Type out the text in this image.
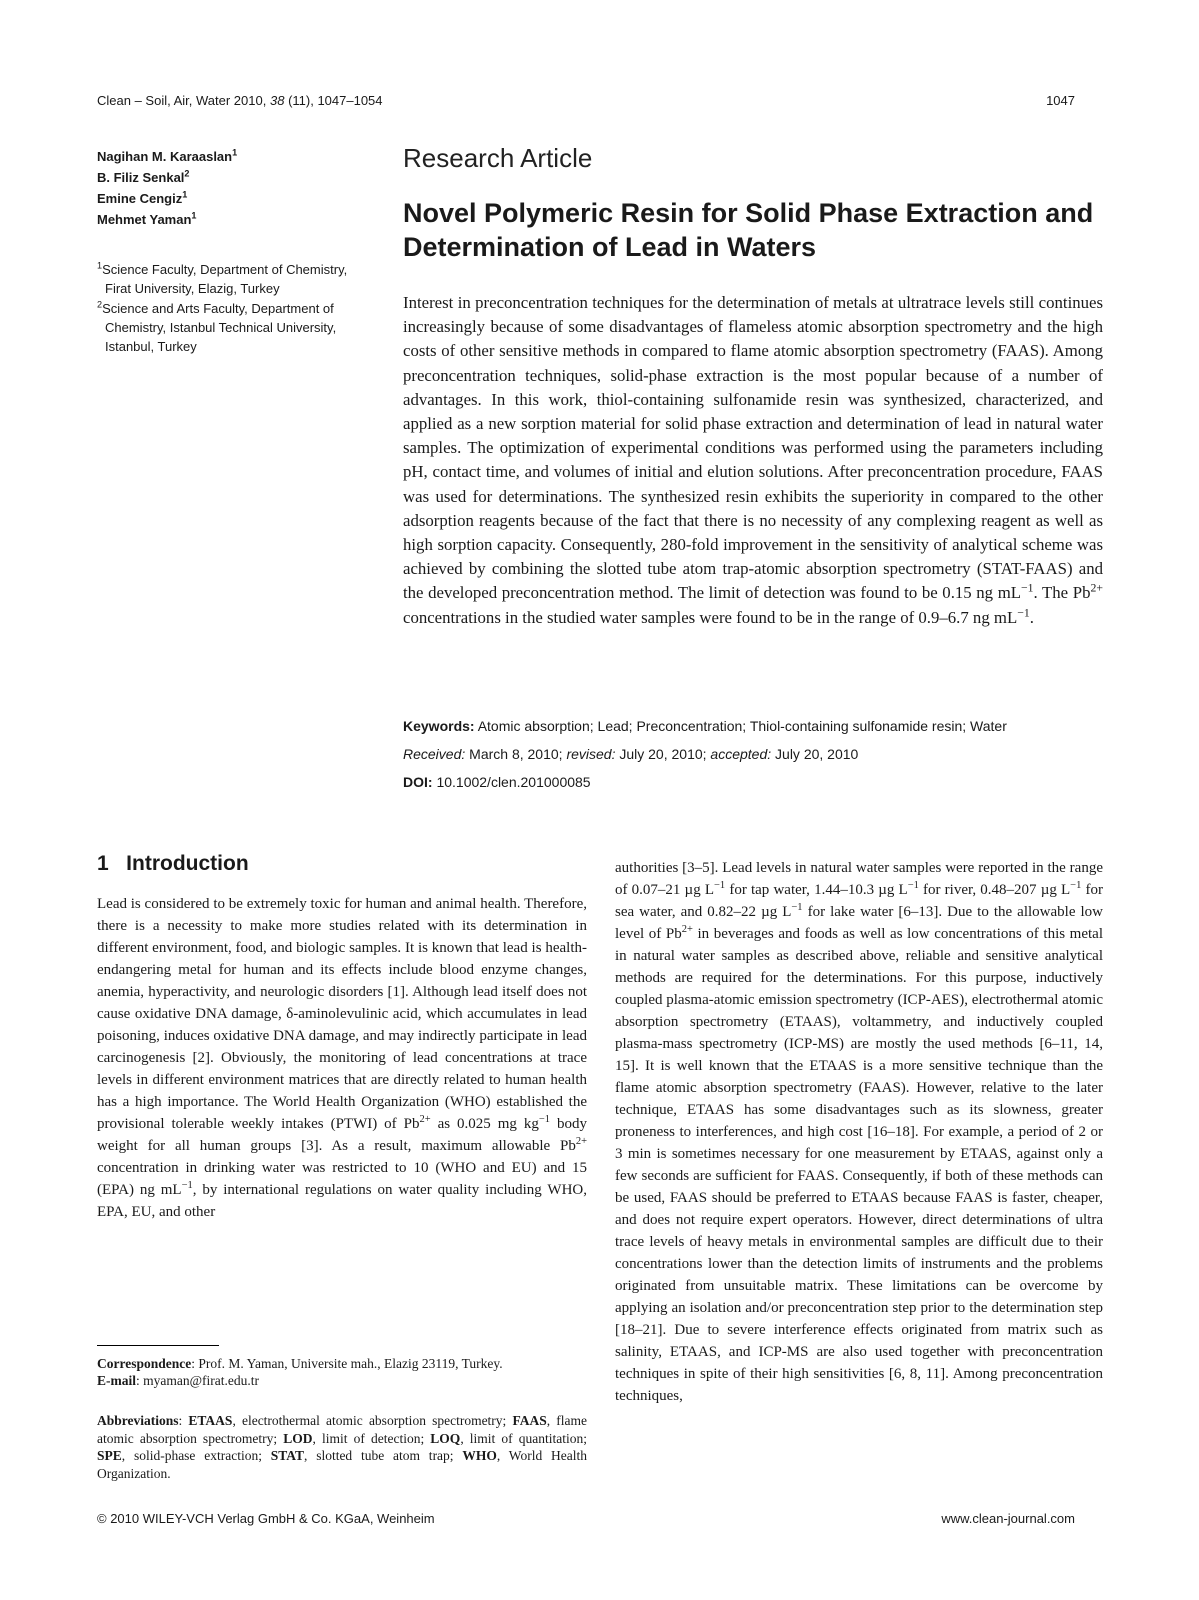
Clean – Soil, Air, Water 2010, 38 (11), 1047–1054	1047
Nagihan M. Karaaslan$^1$
B. Filiz Senkal$^2$
Emine Cengiz$^1$
Mehmet Yaman$^1$
$^1$Science Faculty, Department of Chemistry, Firat University, Elazig, Turkey
$^2$Science and Arts Faculty, Department of Chemistry, Istanbul Technical University, Istanbul, Turkey
Research Article
Novel Polymeric Resin for Solid Phase Extraction and Determination of Lead in Waters

Interest in preconcentration techniques for the determination of metals at ultratrace levels still continues increasingly because of some disadvantages of flameless atomic absorption spectrometry and the high costs of other sensitive methods in compared to flame atomic absorption spectrometry (FAAS). Among preconcentration techniques, solid-phase extraction is the most popular because of a number of advantages. In this work, thiol-containing sulfonamide resin was synthesized, characterized, and applied as a new sorption material for solid phase extraction and determination of lead in natural water samples. The optimization of experimental conditions was performed using the parameters including pH, contact time, and volumes of initial and elution solutions. After preconcentration procedure, FAAS was used for determinations. The synthesized resin exhibits the superiority in compared to the other adsorption reagents because of the fact that there is no necessity of any complexing reagent as well as high sorption capacity. Consequently, 280-fold improvement in the sensitivity of analytical scheme was achieved by combining the slotted tube atom trap-atomic absorption spectrometry (STAT-FAAS) and the developed preconcentration method. The limit of detection was found to be 0.15 ng $mL^{-1}$. The $Pb^{2+}$ concentrations in the studied water samples were found to be in the range of 0.9–6.7 ng $mL^{-1}$.

Keywords: Atomic absorption; Lead; Preconcentration; Thiol-containing sulfonamide resin; Water
Received: March 8, 2010; revised: July 20, 2010; accepted: July 20, 2010
DOI: 10.1002/clen.201000085
1   Introduction

Lead is considered to be extremely toxic for human and animal health. Therefore, there is a necessity to make more studies related with its determination in different environment, food, and biologic samples. It is known that lead is health-endangering metal for human and its effects include blood enzyme changes, anemia, hyperactivity, and neurologic disorders [1]. Although lead itself does not cause oxidative DNA damage, δ-aminolevulinic acid, which accumulates in lead poisoning, induces oxidative DNA damage, and may indirectly participate in lead carcinogenesis [2]. Obviously, the monitoring of lead concentrations at trace levels in different environment matrices that are directly related to human health has a high importance. The World Health Organization (WHO) established the provisional tolerable weekly intakes (PTWI) of $Pb^{2+}$ as 0.025 mg $kg^{-1}$ body weight for all human groups [3]. As a result, maximum allowable $Pb^{2+}$ concentration in drinking water was restricted to 10 (WHO and EU) and 15 (EPA) ng $mL^{-1}$, by international regulations on water quality including WHO, EPA, EU, and other

authorities [3–5]. Lead levels in natural water samples were reported in the range of 0.07–21 µg $L^{-1}$ for tap water, 1.44–10.3 µg $L^{-1}$ for river, 0.48–207 µg $L^{-1}$ for sea water, and 0.82–22 µg $L^{-1}$ for lake water [6–13]. Due to the allowable low level of $Pb^{2+}$ in beverages and foods as well as low concentrations of this metal in natural water samples as described above, reliable and sensitive analytical methods are required for the determinations. For this purpose, inductively coupled plasma-atomic emission spectrometry (ICP-AES), electrothermal atomic absorption spectrometry (ETAAS), voltammetry, and inductively coupled plasma-mass spectrometry (ICP-MS) are mostly the used methods [6–11, 14, 15]. It is well known that the ETAAS is a more sensitive technique than the flame atomic absorption spectrometry (FAAS). However, relative to the later technique, ETAAS has some disadvantages such as its slowness, greater proneness to interferences, and high cost [16–18]. For example, a period of 2 or 3 min is sometimes necessary for one measurement by ETAAS, against only a few seconds are sufficient for FAAS. Consequently, if both of these methods can be used, FAAS should be preferred to ETAAS because FAAS is faster, cheaper, and does not require expert operators. However, direct determinations of ultra trace levels of heavy metals in environmental samples are difficult due to their concentrations lower than the detection limits of instruments and the problems originated from unsuitable matrix. These limitations can be overcome by applying an isolation and/or preconcentration step prior to the determination step [18–21]. Due to severe interference effects originated from matrix such as salinity, ETAAS, and ICP-MS are also used together with preconcentration techniques in spite of their high sensitivities [6, 8, 11]. Among preconcentration techniques,

Correspondence: Prof. M. Yaman, Universite mah., Elazig 23119, Turkey.
E-mail: myaman@firat.edu.tr

Abbreviations: ETAAS, electrothermal atomic absorption spectrometry; FAAS, flame atomic absorption spectrometry; LOD, limit of detection; LOQ, limit of quantitation; SPE, solid-phase extraction; STAT, slotted tube atom trap; WHO, World Health Organization.

© 2010 WILEY-VCH Verlag GmbH & Co. KGaA, Weinheim	www.clean-journal.com
